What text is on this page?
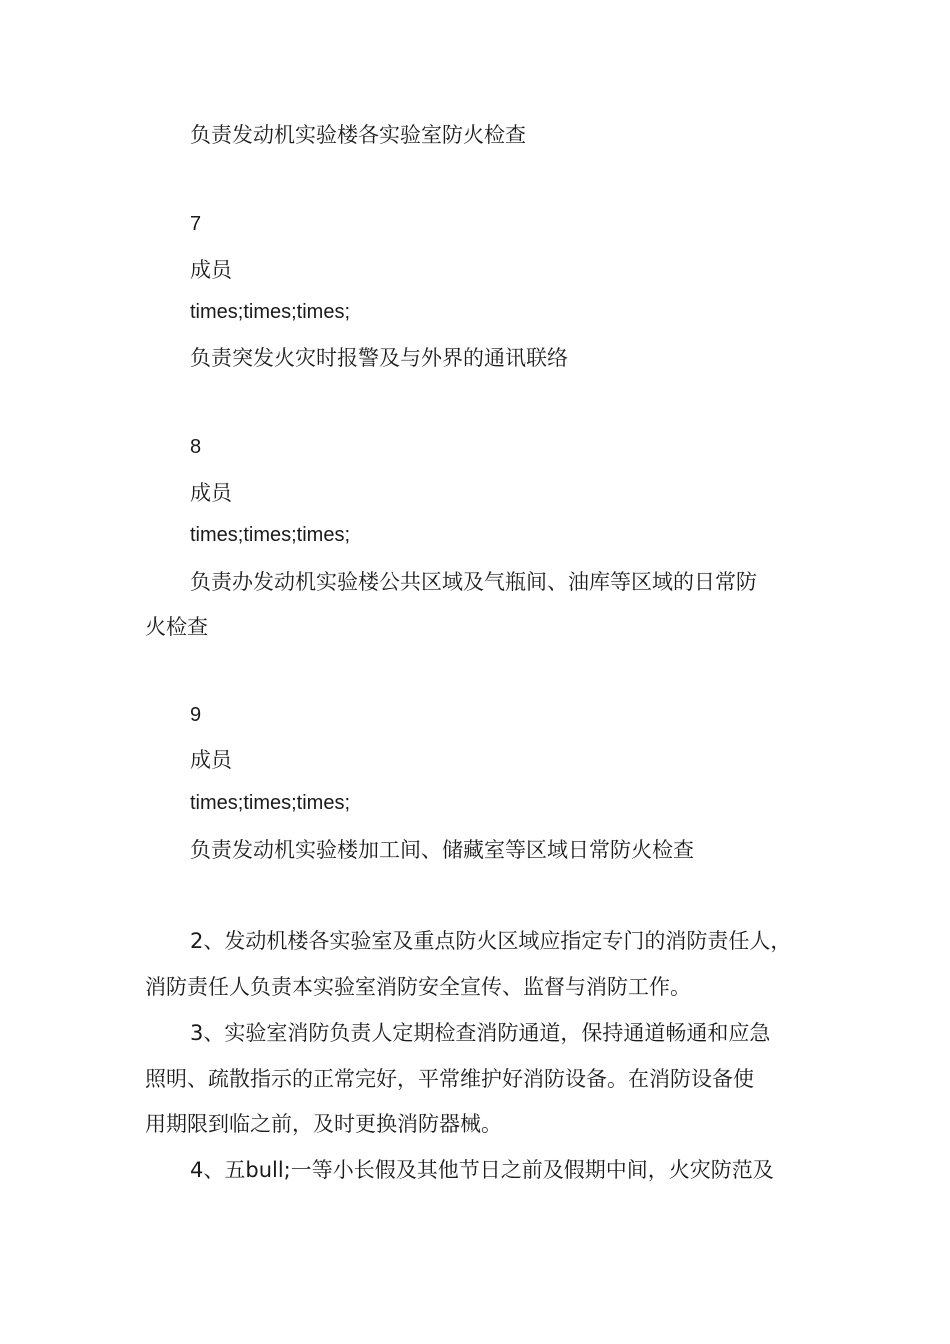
负责发动机实验楼各实验室防火检查
7
成员
times;times;times;
负责突发火灾时报警及与外界的通讯联络
8
成员
times;times;times;
负责办发动机实验楼公共区域及气瓶间、油库等区域的日常防
火检查
9
成员
times;times;times;
负责发动机实验楼加工间、储藏室等区域日常防火检查
2、发动机楼各实验室及重点防火区域应指定专门的消防责任人，
消防责任人负责本实验室消防安全宣传、监督与消防工作。
3、实验室消防负责人定期检查消防通道，保持通道畅通和应急
照明、疏散指示的正常完好，平常维护好消防设备。在消防设备使
用期限到临之前，及时更换消防器械。
4、五bull;一等小长假及其他节日之前及假期中间，火灾防范及
